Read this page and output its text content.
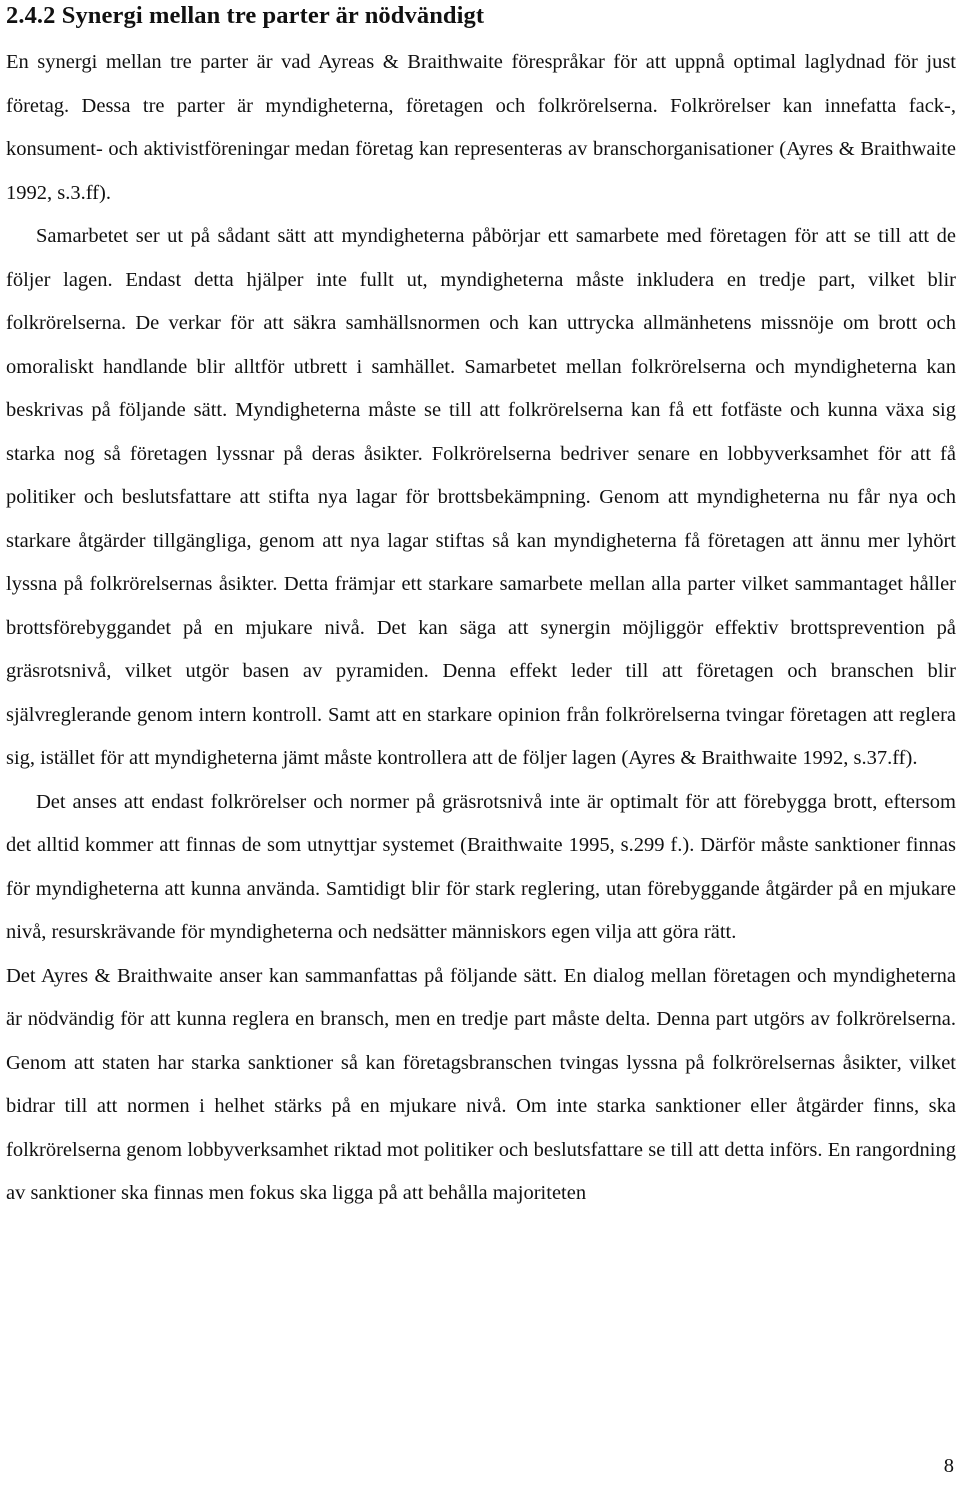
2.4.2 Synergi mellan tre parter är nödvändigt

En synergi mellan tre parter är vad Ayreas & Braithwaite förespråkar för att uppnå optimal laglydnad för just företag. Dessa tre parter är myndigheterna, företagen och folkrörelserna. Folkrörelser kan innefatta fack-, konsument- och aktivistföreningar medan företag kan representeras av branschorganisationer (Ayres & Braithwaite 1992, s.3.ff).

Samarbetet ser ut på sådant sätt att myndigheterna påbörjar ett samarbete med företagen för att se till att de följer lagen. Endast detta hjälper inte fullt ut, myndigheterna måste inkludera en tredje part, vilket blir folkrörelserna. De verkar för att säkra samhällsnormen och kan uttrycka allmänhetens missnöje om brott och omoraliskt handlande blir alltför utbrett i samhället. Samarbetet mellan folkrörelserna och myndigheterna kan beskrivas på följande sätt. Myndigheterna måste se till att folkrörelserna kan få ett fotfäste och kunna växa sig starka nog så företagen lyssnar på deras åsikter. Folkrörelserna bedriver senare en lobbyverksamhet för att få politiker och beslutsfattare att stifta nya lagar för brottsbekämpning. Genom att myndigheterna nu får nya och starkare åtgärder tillgängliga, genom att nya lagar stiftas så kan myndigheterna få företagen att ännu mer lyhört lyssna på folkrörelsernas åsikter. Detta främjar ett starkare samarbete mellan alla parter vilket sammantaget håller brottsförebyggandet på en mjukare nivå. Det kan säga att synergin möjliggör effektiv brottsprevention på gräsrotsnivå, vilket utgör basen av pyramiden. Denna effekt leder till att företagen och branschen blir självreglerande genom intern kontroll. Samt att en starkare opinion från folkrörelserna tvingar företagen att reglera sig, istället för att myndigheterna jämt måste kontrollera att de följer lagen (Ayres & Braithwaite 1992, s.37.ff).

Det anses att endast folkrörelser och normer på gräsrotsnivå inte är optimalt för att förebygga brott, eftersom det alltid kommer att finnas de som utnyttjar systemet (Braithwaite 1995, s.299 f.). Därför måste sanktioner finnas för myndigheterna att kunna använda. Samtidigt blir för stark reglering, utan förebyggande åtgärder på en mjukare nivå, resurskrävande för myndigheterna och nedsätter människors egen vilja att göra rätt.

Det Ayres & Braithwaite anser kan sammanfattas på följande sätt. En dialog mellan företagen och myndigheterna är nödvändig för att kunna reglera en bransch, men en tredje part måste delta. Denna part utgörs av folkrörelserna. Genom att staten har starka sanktioner så kan företagsbranschen tvingas lyssna på folkrörelsernas åsikter, vilket bidrar till att normen i helhet stärks på en mjukare nivå. Om inte starka sanktioner eller åtgärder finns, ska folkrörelserna genom lobbyverksamhet riktad mot politiker och beslutsfattare se till att detta införs. En rangordning av sanktioner ska finnas men fokus ska ligga på att behålla majoriteten

8
